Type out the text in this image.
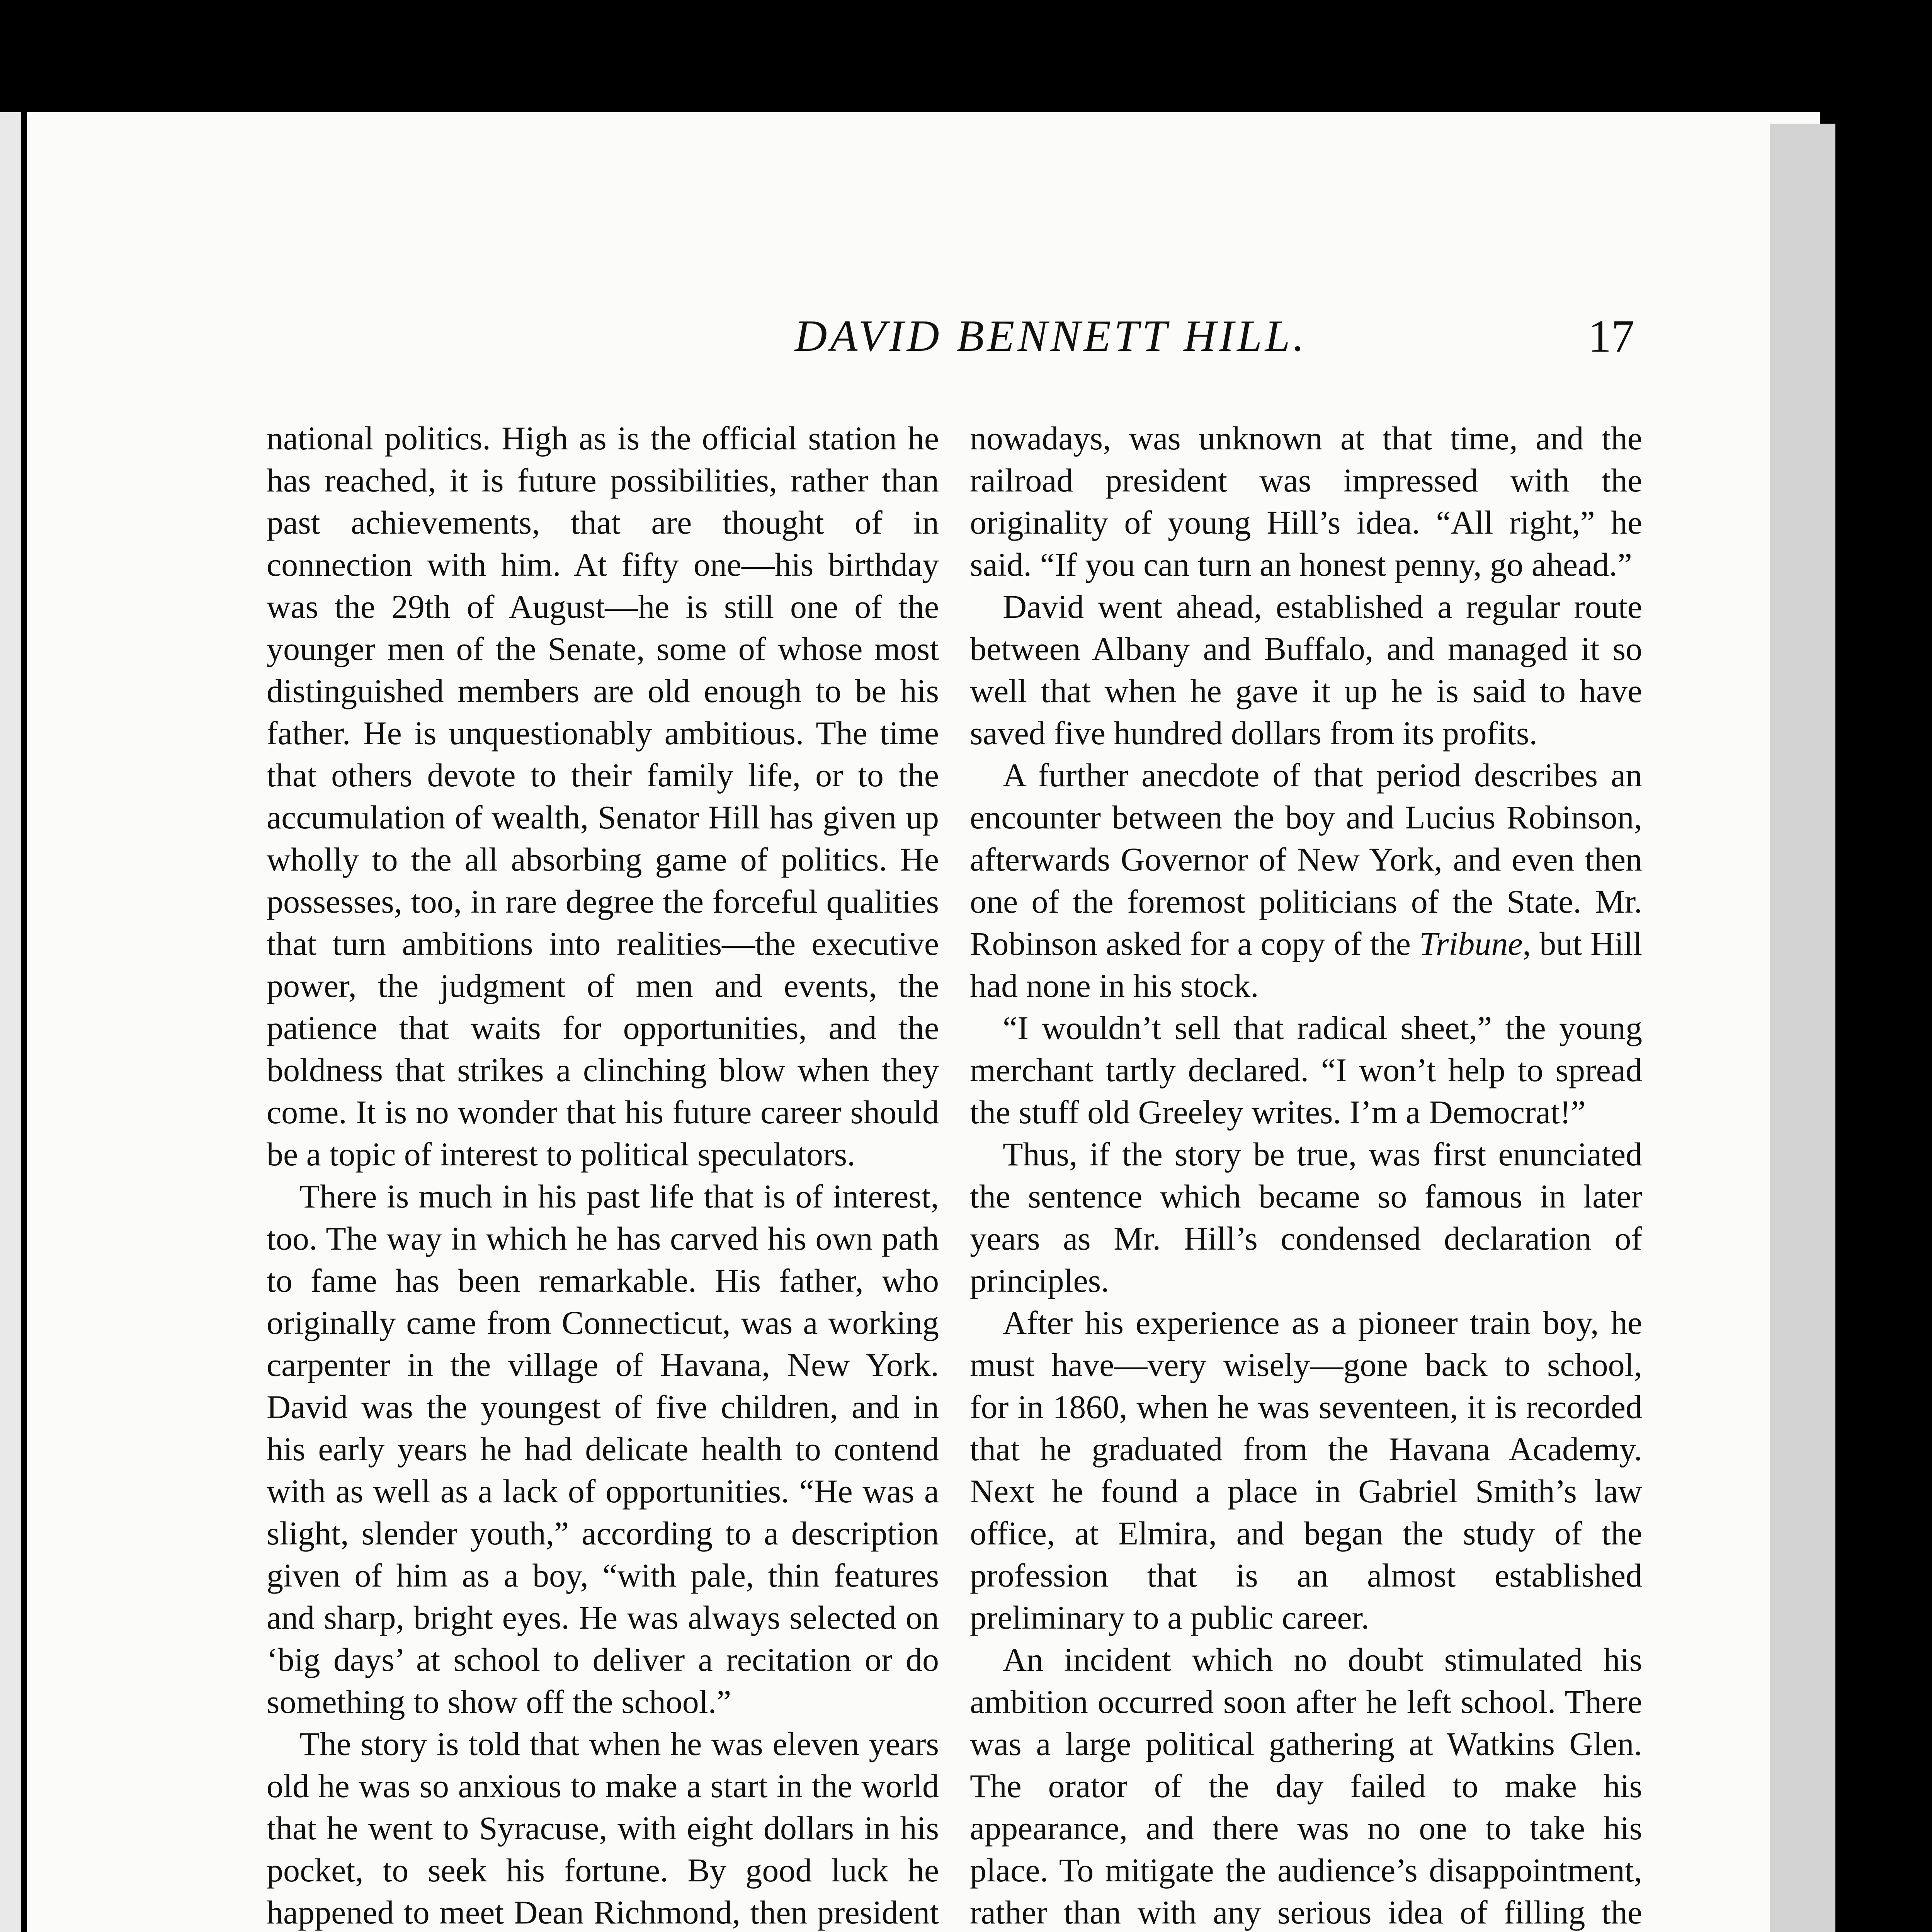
DAVID BENNETT HILL.	17

national politics. High as is the official station he has reached, it is future possibilities, rather than past achievements, that are thought of in connection with him. At fifty one—his birthday was the 29th of August—he is still one of the younger men of the Senate, some of whose most distinguished members are old enough to be his father. He is unquestionably ambitious. The time that others devote to their family life, or to the accumulation of wealth, Senator Hill has given up wholly to the all absorbing game of politics. He possesses, too, in rare degree the forceful qualities that turn ambitions into realities—the executive power, the judgment of men and events, the patience that waits for opportunities, and the boldness that strikes a clinching blow when they come. It is no wonder that his future career should be a topic of interest to political speculators.

There is much in his past life that is of interest, too. The way in which he has carved his own path to fame has been remarkable. His father, who originally came from Connecticut, was a working carpenter in the village of Havana, New York. David was the youngest of five children, and in his early years he had delicate health to contend with as well as a lack of opportunities. “He was a slight, slender youth,” according to a description given of him as a boy, “with pale, thin features and sharp, bright eyes. He was always selected on ‘big days’ at school to deliver a recitation or do something to show off the school.”

The story is told that when he was eleven years old he was so anxious to make a start in the world that he went to Syracuse, with eight dollars in his pocket, to seek his fortune. By good luck he happened to meet Dean Richmond, then president

nowadays, was unknown at that time, and the railroad president was impressed with the originality of young Hill’s idea. “All right,” he said. “If you can turn an honest penny, go ahead.”

David went ahead, established a regular route between Albany and Buffalo, and managed it so well that when he gave it up he is said to have saved five hundred dollars from its profits.

A further anecdote of that period describes an encounter between the boy and Lucius Robinson, afterwards Governor of New York, and even then one of the foremost politicians of the State. Mr. Robinson asked for a copy of the Tribune, but Hill had none in his stock.

“I wouldn’t sell that radical sheet,” the young merchant tartly declared. “I won’t help to spread the stuff old Greeley writes. I’m a Democrat!”

Thus, if the story be true, was first enunciated the sentence which became so famous in later years as Mr. Hill’s condensed declaration of principles.

After his experience as a pioneer train boy, he must have—very wisely—gone back to school, for in 1860, when he was seventeen, it is recorded that he graduated from the Havana Academy. Next he found a place in Gabriel Smith’s law office, at Elmira, and began the study of the profession that is an almost established preliminary to a public career.

An incident which no doubt stimulated his ambition occurred soon after he left school. There was a large political gathering at Watkins Glen. The orator of the day failed to make his appearance, and there was no one to take his place. To mitigate the audience’s disappointment, rather than with any serious idea of filling the
